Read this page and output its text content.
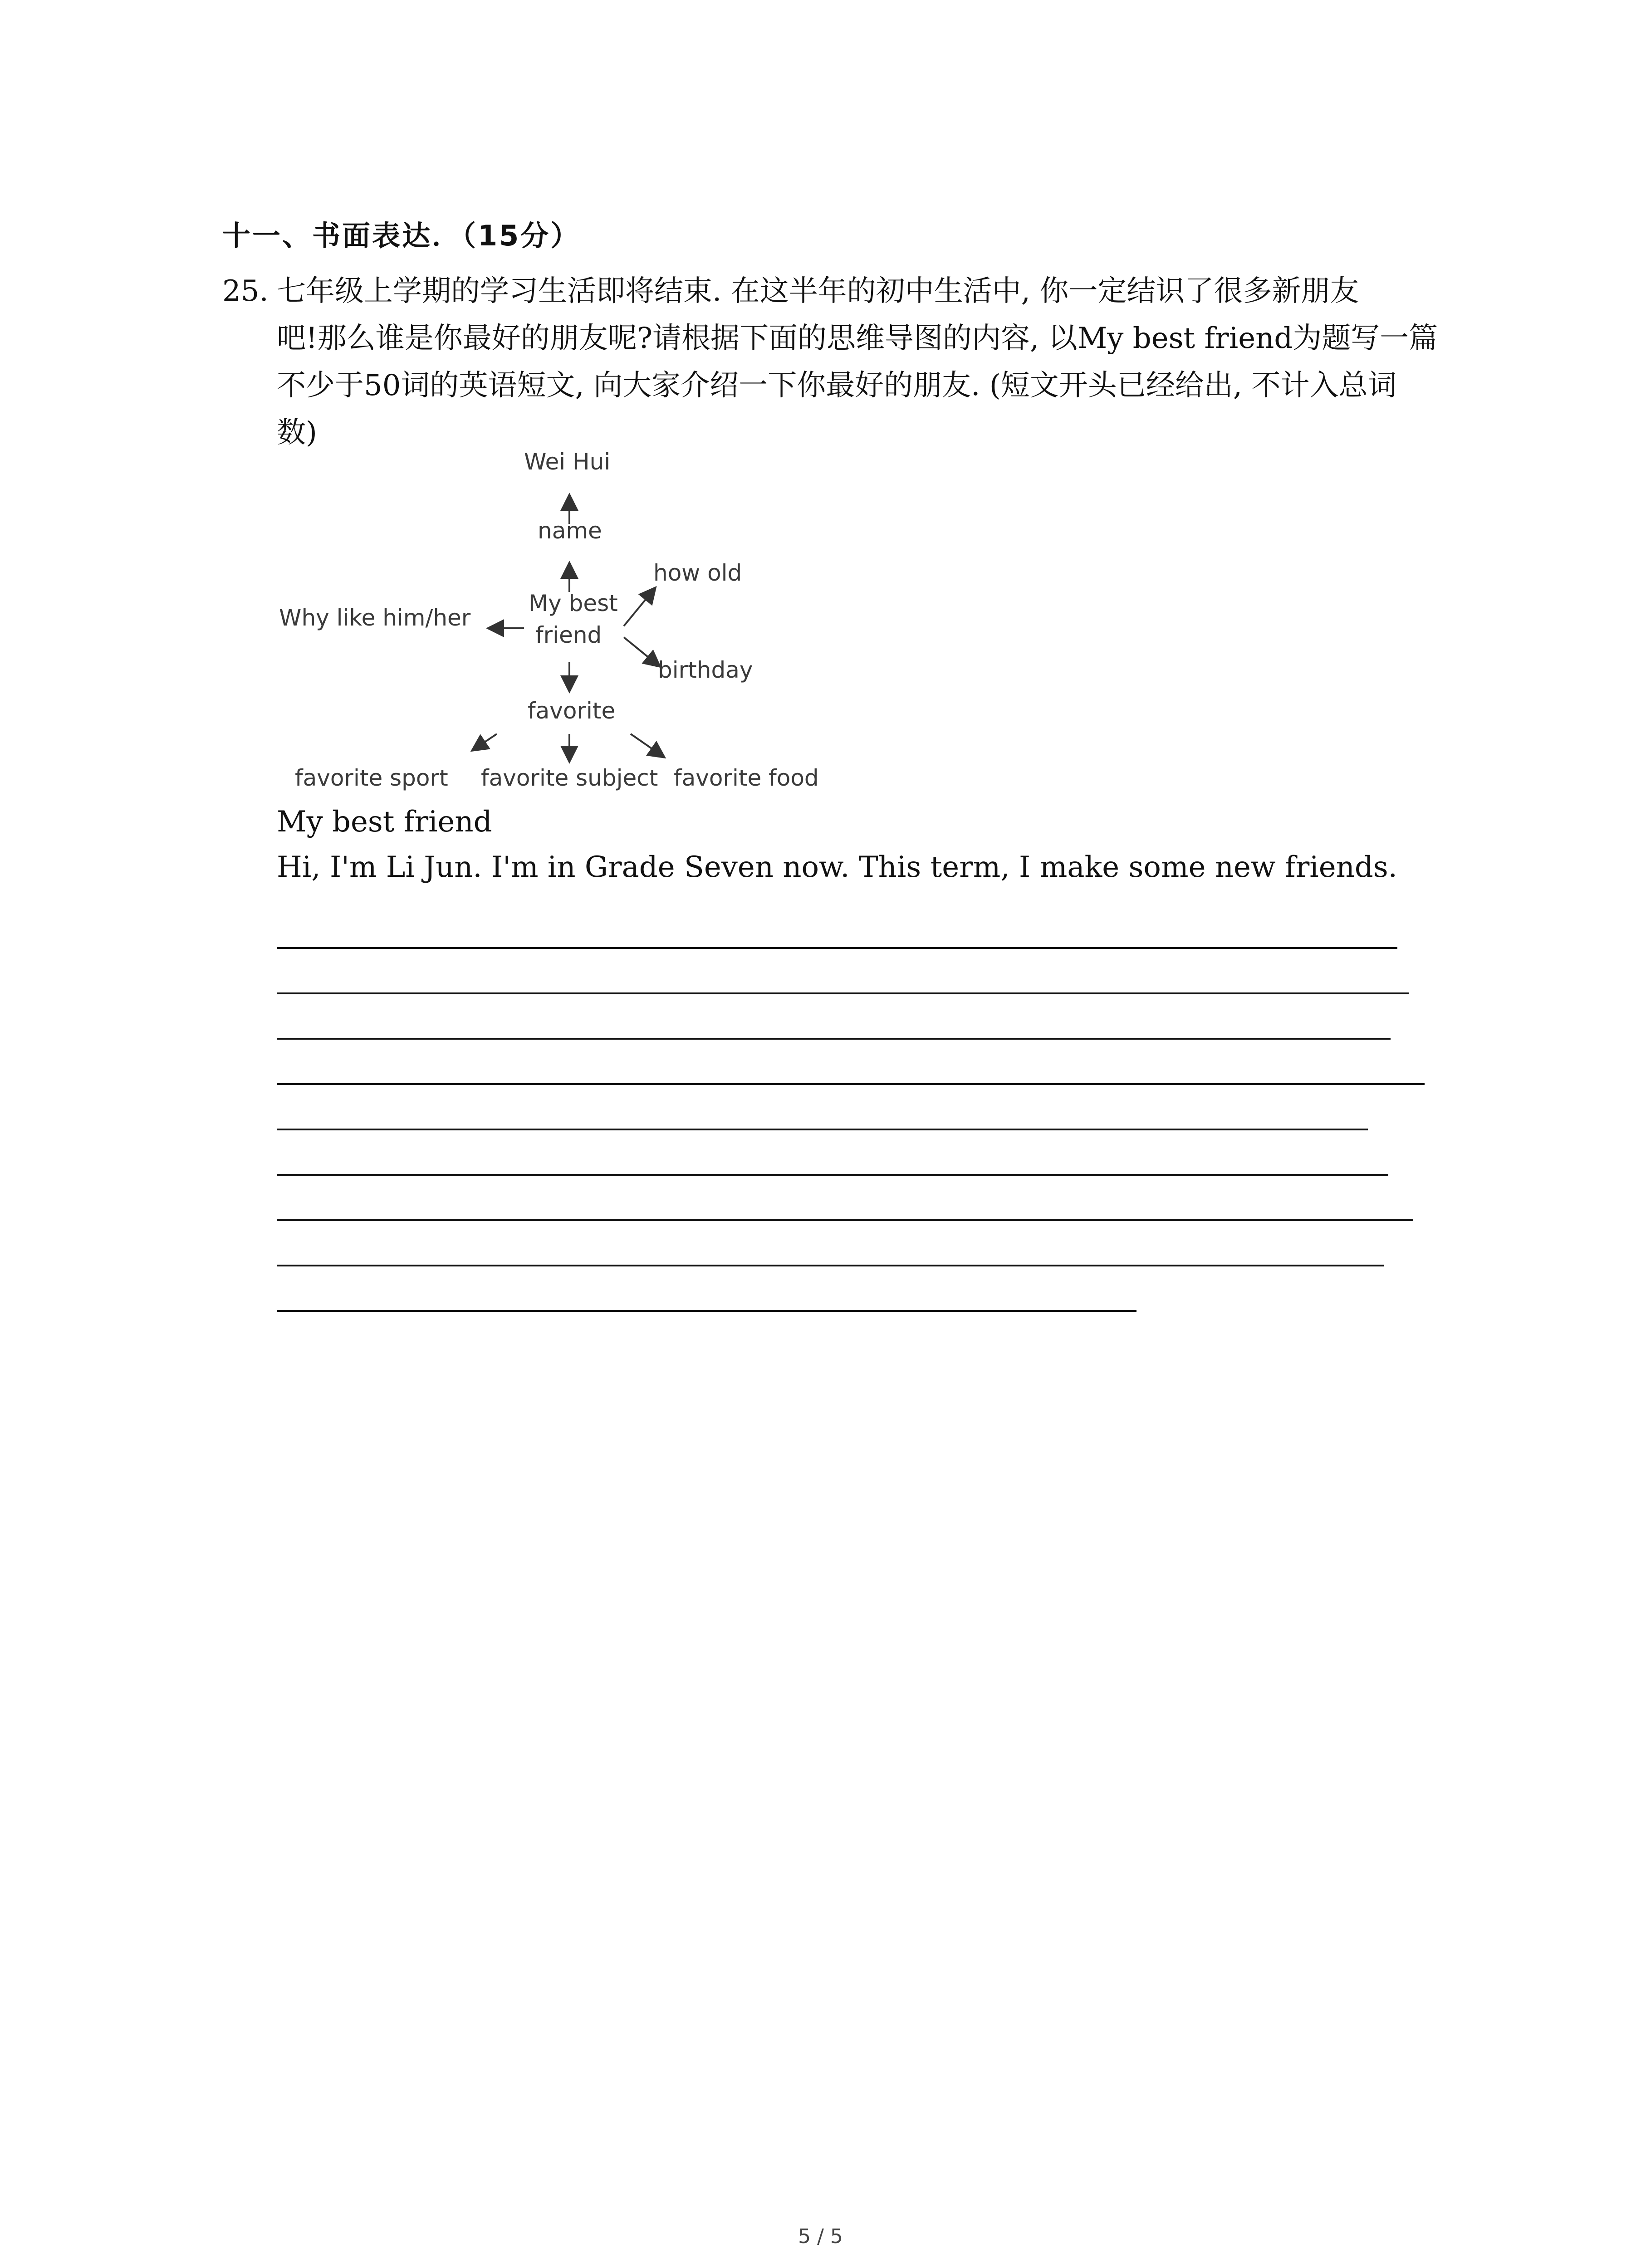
十一、书面表达．（15分）
25. 七年级上学期的学习生活即将结束. 在这半年的初中生活中, 你一定结识了很多新朋友
吧!那么谁是你最好的朋友呢?请根据下面的思维导图的内容, 以My best friend为题写一篇
不少于50词的英语短文, 向大家介绍一下你最好的朋友. (短文开头已经给出, 不计入总词
数)
Wei Hui
name
My best
friend
how old
birthday
Why like him/her
favorite
favorite sport favorite subject favorite food
My best friend
Hi, I'm Li Jun. I'm in Grade Seven now. This term, I make some new friends.
5 / 5
